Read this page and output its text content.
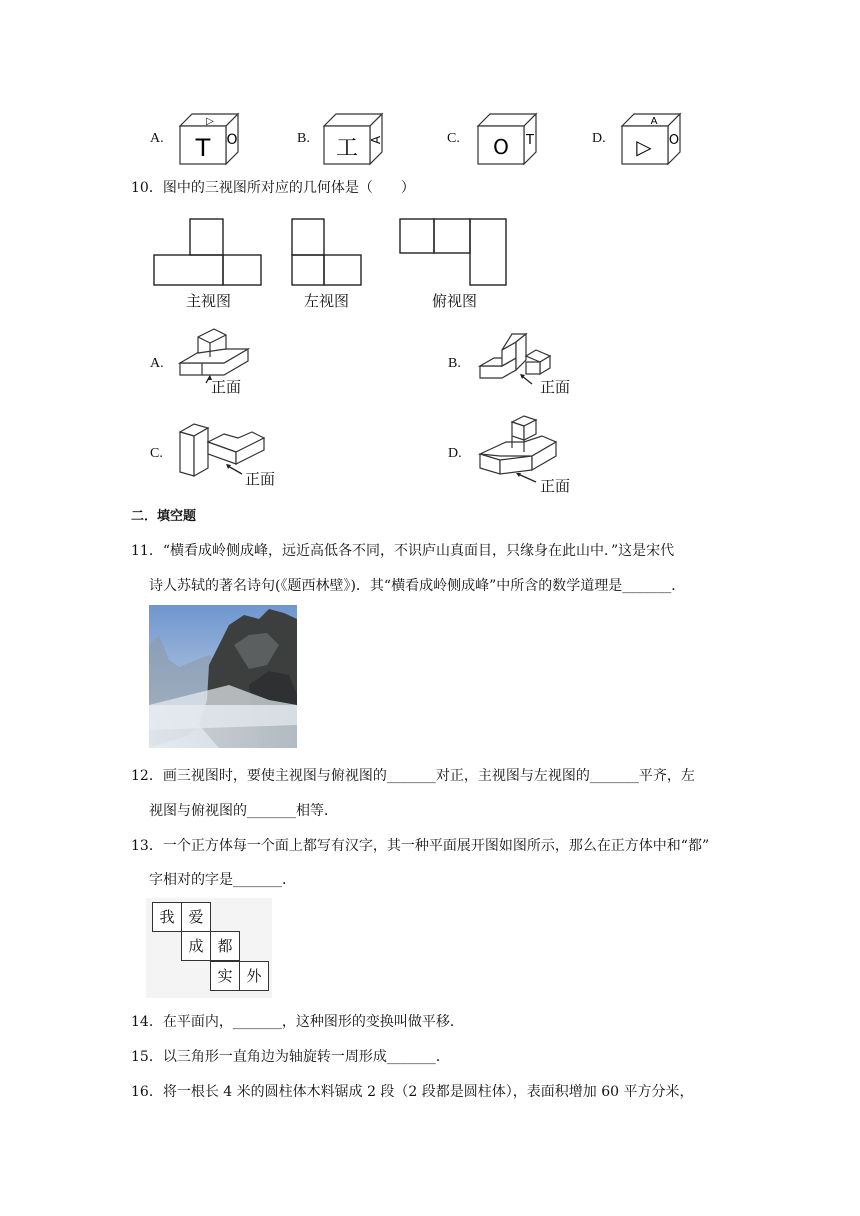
A. T O
▷
B. 工 A	C. O T	D. ▷ O
A
10．图中的三视图所对应的几何体是（　　）
主视图	左视图	俯视图
A.
正面
B.
正面
C.
正面
D.
正面
二．填空题
11．“横看成岭侧成峰，远近高低各不同，不识庐山真面目，只缘身在此山中．”这是宋代
诗人苏轼的著名诗句(《题西林壁》)．其“横看成岭侧成峰”中所含的数学道理是_______．
12．画三视图时，要使主视图与俯视图的_______对正，主视图与左视图的_______平齐，左
视图与俯视图的_______相等．
13．一个正方体每一个面上都写有汉字，其一种平面展开图如图所示，那么在正方体中和“都”
字相对的字是_______．
我 爱
成 都
实 外
14．在平面内，_______，这种图形的变换叫做平移．
15．以三角形一直角边为轴旋转一周形成_______．
16．将一根长 4 米的圆柱体木料锯成 2 段（2 段都是圆柱体），表面积增加 60 平方分米，
